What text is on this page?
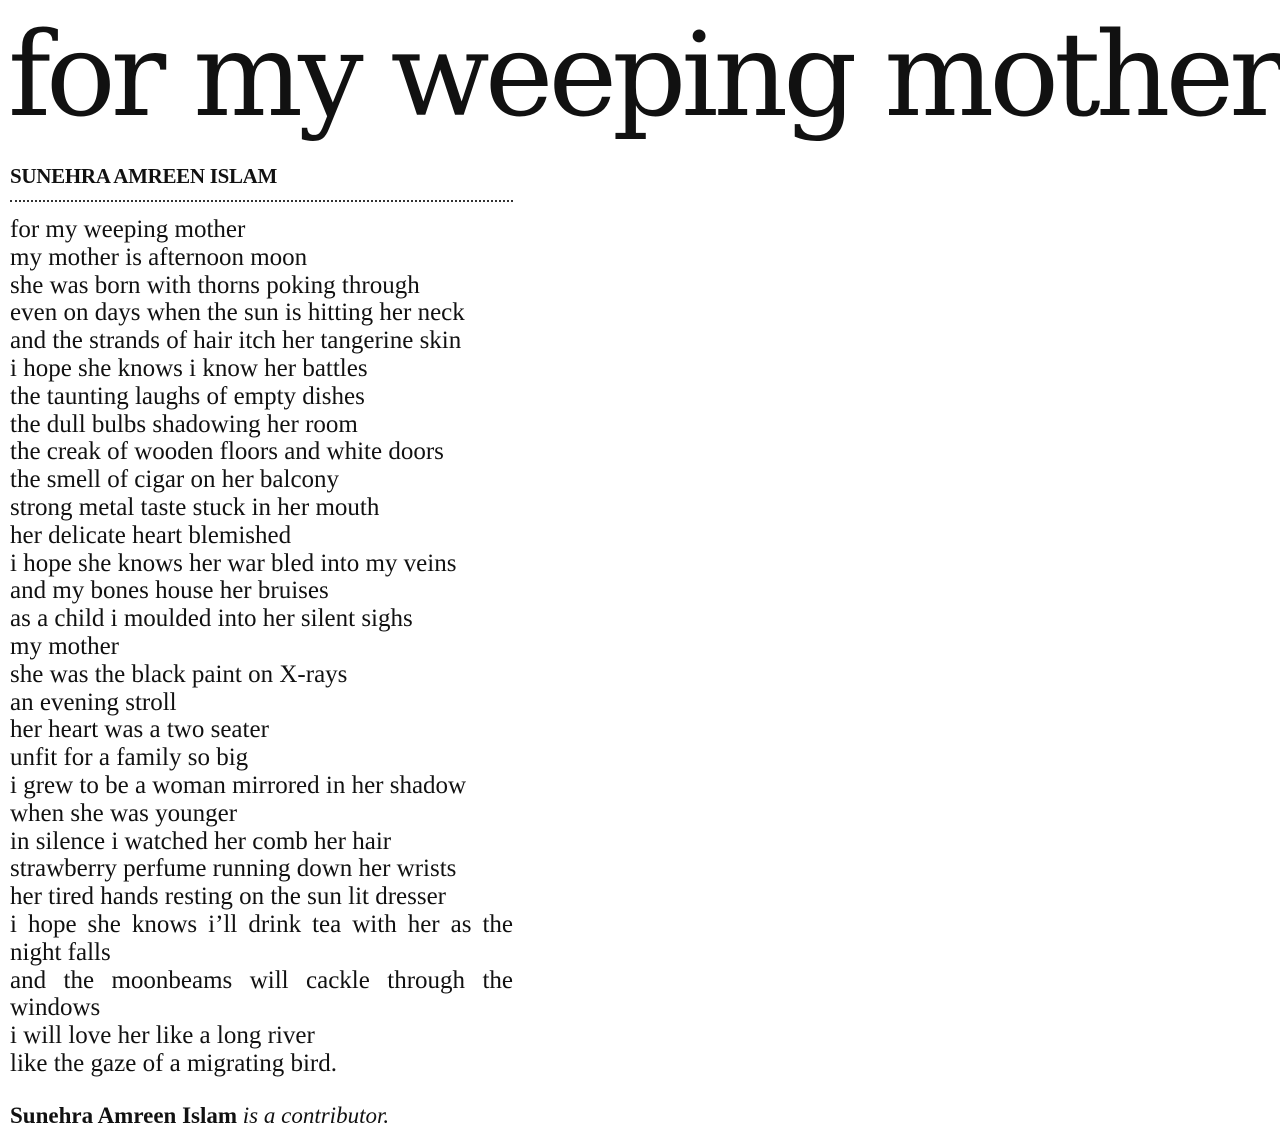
for my weeping mother
SUNEHRA AMREEN ISLAM
for my weeping mother
my mother is afternoon moon
she was born with thorns poking through
even on days when the sun is hitting her neck
and the strands of hair itch her tangerine skin
i hope she knows i know her battles
the taunting laughs of empty dishes
the dull bulbs shadowing her room
the creak of wooden floors and white doors
the smell of cigar on her balcony
strong metal taste stuck in her mouth
her delicate heart blemished
i hope she knows her war bled into my veins
and my bones house her bruises
as a child i moulded into her silent sighs
my mother
she was the black paint on X-rays
an evening stroll
her heart was a two seater
unfit for a family so big
i grew to be a woman mirrored in her shadow
when she was younger
in silence i watched her comb her hair
strawberry perfume running down her wrists
her tired hands resting on the sun lit dresser
i hope she knows i’ll drink tea with her as the night falls
and the moonbeams will cackle through the windows
i will love her like a long river
like the gaze of a migrating bird.

Sunehra Amreen Islam is a contributor.
